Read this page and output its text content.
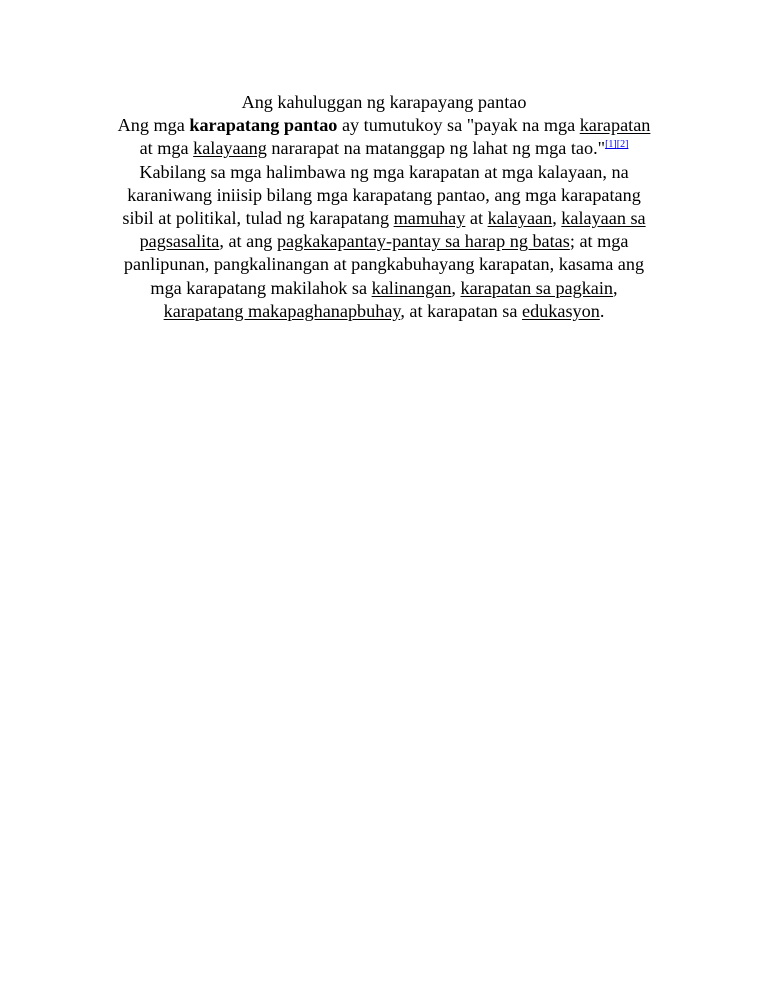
Ang kahuluggan ng karapayang pantao

Ang mga karapatang pantao ay tumutukoy sa "payak na mga karapatan at mga kalayaang nararapat na matanggap ng lahat ng mga tao."[1][2] Kabilang sa mga halimbawa ng mga karapatan at mga kalayaan, na karaniwang iniisip bilang mga karapatang pantao, ang mga karapatang sibil at politikal, tulad ng karapatang mamuhay at kalayaan, kalayaan sa pagsasalita, at ang pagkakapantay-pantay sa harap ng batas; at mga panlipunan, pangkalinangan at pangkabuhayang karapatan, kasama ang mga karapatang makilahok sa kalinangan, karapatan sa pagkain, karapatang makapaghanapbuhay, at karapatan sa edukasyon.
